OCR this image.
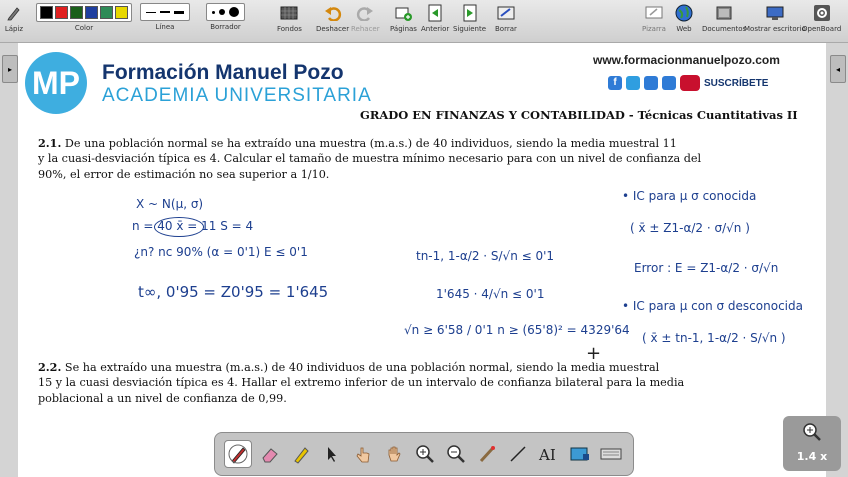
Lápiz	Color	Línea	Borrador	Fondos Deshacer Rehacer Páginas Anterior Siguiente Borrar	Pizarra Web Documentos
Mostrar escritorio
OpenBoard
▸	◂
MP Formación Manuel Pozo
ACADEMIA UNIVERSITARIA
www.formacionmanuelpozo.com
f	SUSCRÍBETE
GRADO EN FINANZAS Y CONTABILIDAD - Técnicas Cuantitativas II
2.1. De una población normal se ha extraído una muestra (m.a.s.) de 40 individuos, siendo la media muestral 11
y la cuasi-desviación típica es 4. Calcular el tamaño de muestra mínimo necesario para con un nivel de confianza del
90%, el error de estimación no sea superior a 1/10.
X ~ N(μ, σ)
n = 40 x̄ = 11 S = 4
¿n? nc 90% (α = 0'1) E ≤ 0'1
t∞, 0'95 = Z0'95 = 1'645
tn-1, 1-α/2 · S/√n ≤ 0'1
1'645 · 4/√n ≤ 0'1
√n ≥ 6'58 / 0'1 n ≥ (65'8)² = 4329'64
+
• IC para μ σ conocida
( x̄ ± Z1-α/2 · σ/√n )
Error : E = Z1-α/2 · σ/√n
• IC para μ con σ desconocida
( x̄ ± tn-1, 1-α/2 · S/√n )
2.2. Se ha extraído una muestra (m.a.s.) de 40 individuos de una población normal, siendo la media muestral
15 y la cuasi desviación típica es 4. Hallar el extremo inferior de un intervalo de confianza bilateral para la media
poblacional a un nivel de confianza de 0,99.
AI	1.4 x
